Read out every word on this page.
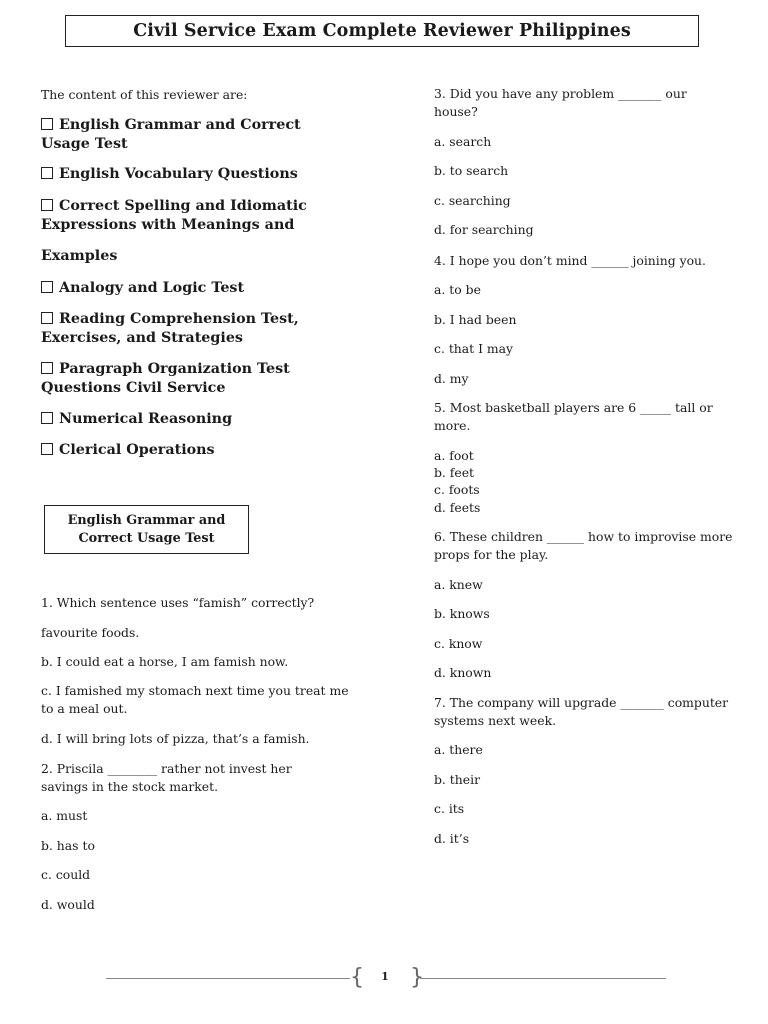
Civil Service Exam Complete Reviewer Philippines
The content of this reviewer are:
English Grammar and Correct
Usage Test
English Vocabulary Questions
Correct Spelling and Idiomatic
Expressions with Meanings and
Examples
Analogy and Logic Test
Reading Comprehension Test,
Exercises, and Strategies
Paragraph Organization Test
Questions Civil Service
Numerical Reasoning
Clerical Operations
English Grammar and
Correct Usage Test
1. Which sentence uses “famish” correctly?
favourite foods.
b. I could eat a horse, I am famish now.
c. I famished my stomach next time you treat me
to a meal out.
d. I will bring lots of pizza, that’s a famish.
2. Priscila ________ rather not invest her
savings in the stock market.
a. must
b. has to
c. could
d. would
3. Did you have any problem _______ our
house?
a. search
b. to search
c. searching
d. for searching
4. I hope you don’t mind ______ joining you.
a. to be
b. I had been
c. that I may
d. my
5. Most basketball players are 6 _____ tall or
more.
a. foot
b. feet
c. foots
d. feets
6. These children ______ how to improvise more
props for the play.
a. knew
b. knows
c. know
d. known
7. The company will upgrade _______ computer
systems next week.
a. there
b. their
c. its
d. it’s
{ }
1
